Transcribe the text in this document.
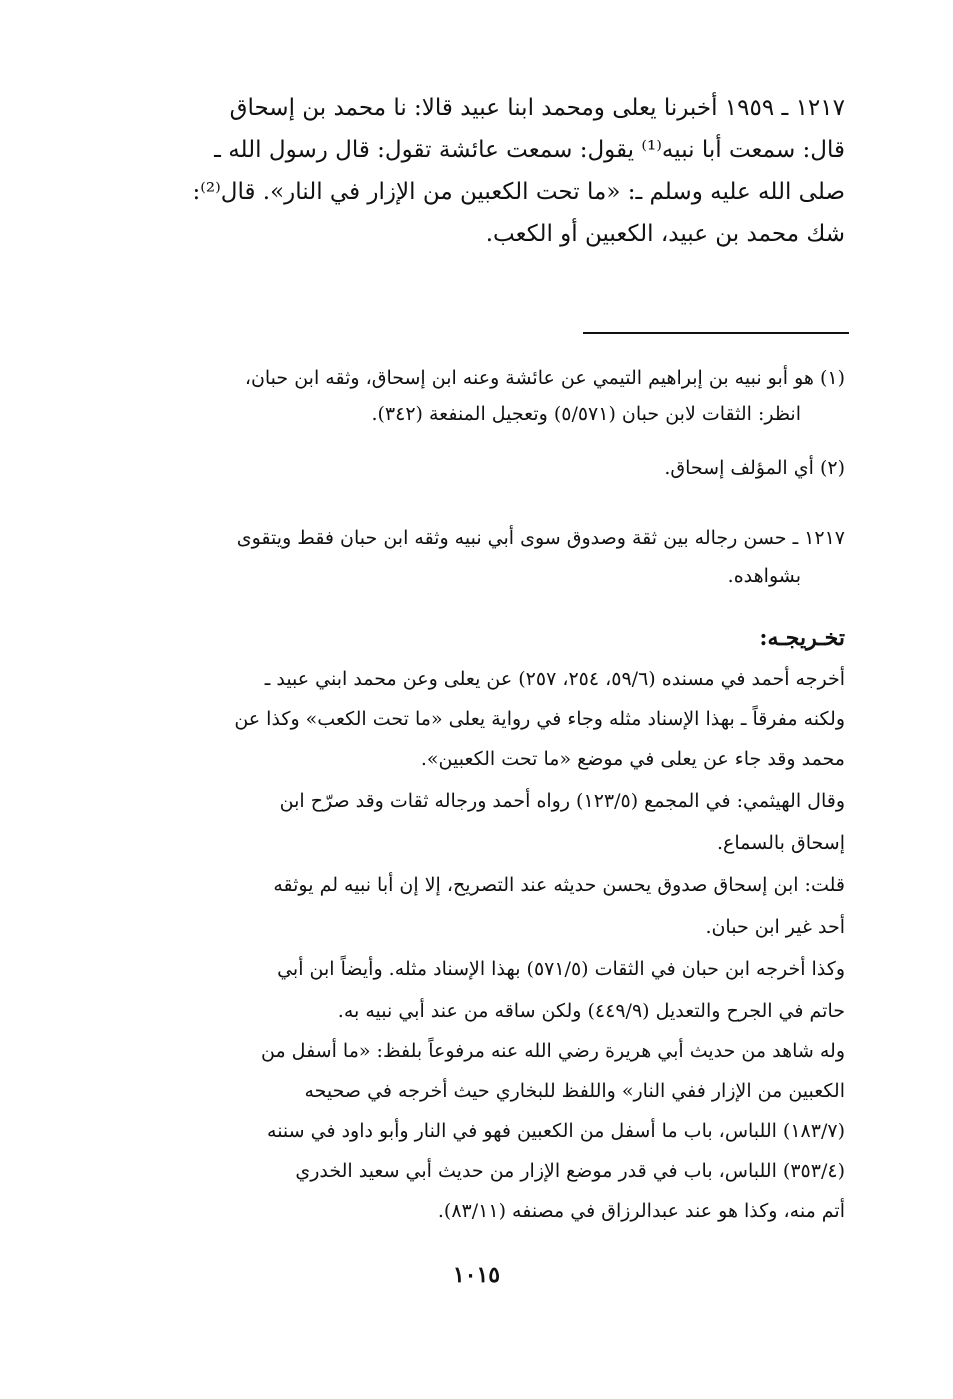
١٢١٧ ـ ١٩٥٩ أخبرنا يعلى ومحمد ابنا عبيد قالا: نا محمد بن إسحاق
قال: سمعت أبا نبيه⁽¹⁾ يقول: سمعت عائشة تقول: قال رسول الله ـ
صلى الله عليه وسلم ـ: «ما تحت الكعبين من الإزار في النار». قال⁽²⁾:
شك محمد بن عبيد، الكعبين أو الكعب.
(١) هو أبو نبيه بن إبراهيم التيمي عن عائشة وعنه ابن إسحاق، وثقه ابن حبان،
انظر: الثقات لابن حبان (٥/٥٧١) وتعجيل المنفعة (٣٤٢).
(٢) أي المؤلف إسحاق.
١٢١٧ ـ حسن رجاله بين ثقة وصدوق سوى أبي نبيه وثقه ابن حبان فقط ويتقوى
بشواهده.
تخـريجـه:
أخرجه أحمد في مسنده (٥٩/٦، ٢٥٤، ٢٥٧) عن يعلى وعن محمد ابني عبيد ـ
ولكنه مفرقاً ـ بهذا الإسناد مثله وجاء في رواية يعلى «ما تحت الكعب» وكذا عن
محمد وقد جاء عن يعلى في موضع «ما تحت الكعبين».
وقال الهيثمي: في المجمع (١٢٣/٥) رواه أحمد ورجاله ثقات وقد صرّح ابن
إسحاق بالسماع.
قلت: ابن إسحاق صدوق يحسن حديثه عند التصريح، إلا إن أبا نبيه لم يوثقه
أحد غير ابن حبان.
وكذا أخرجه ابن حبان في الثقات (٥٧١/٥) بهذا الإسناد مثله. وأيضاً ابن أبي
حاتم في الجرح والتعديل (٤٤٩/٩) ولكن ساقه من عند أبي نبيه به.
وله شاهد من حديث أبي هريرة رضي الله عنه مرفوعاً بلفظ: «ما أسفل من
الكعبين من الإزار ففي النار» واللفظ للبخاري حيث أخرجه في صحيحه
(١٨٣/٧) اللباس، باب ما أسفل من الكعبين فهو في النار وأبو داود في سننه
(٣٥٣/٤) اللباس، باب في قدر موضع الإزار من حديث أبي سعيد الخدري
أتم منه، وكذا هو عند عبدالرزاق في مصنفه (٨٣/١١).
١٠١٥
